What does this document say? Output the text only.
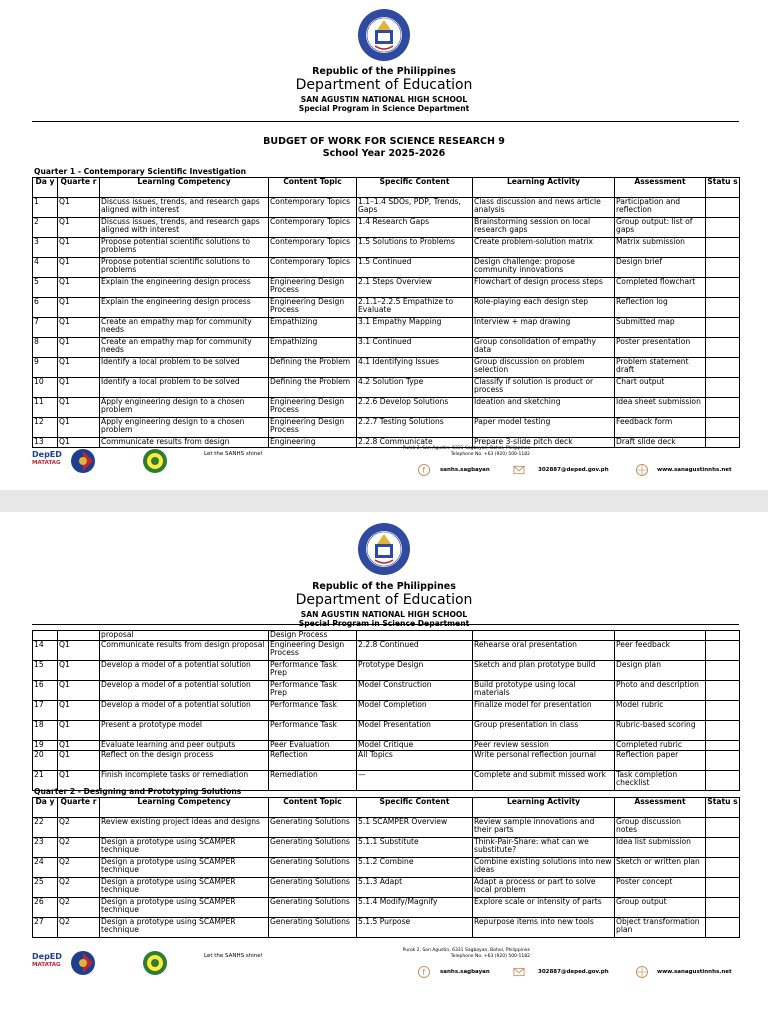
Republic of the Philippines
Department of Education
SAN AGUSTIN NATIONAL HIGH SCHOOL
Special Program in Science Department
BUDGET OF WORK FOR SCIENCE RESEARCH 9
School Year 2025-2026
Quarter 1 - Contemporary Scientific Investigation
Da y	Quarte r	Learning Competency	Content Topic	Specific Content	Learning Activity	Assessment	Statu s
1	Q1	Discuss issues, trends, and research gaps aligned with interest	Contemporary Topics	1.1–1.4 SDOs, PDP, Trends, Gaps	Class discussion and news article analysis	Participation and reflection	
2	Q1	Discuss issues, trends, and research gaps aligned with interest	Contemporary Topics	1.4 Research Gaps	Brainstorming session on local research gaps	Group output: list of gaps	
3	Q1	Propose potential scientific solutions to problems	Contemporary Topics	1.5 Solutions to Problems	Create problem-solution matrix	Matrix submission	
4	Q1	Propose potential scientific solutions to problems	Contemporary Topics	1.5 Continued	Design challenge: propose community innovations	Design brief	
5	Q1	Explain the engineering design process	Engineering Design Process	2.1 Steps Overview	Flowchart of design process steps	Completed flowchart	
6	Q1	Explain the engineering design process	Engineering Design Process	2.1.1–2.2.5 Empathize to Evaluate	Role-playing each design step	Reflection log	
7	Q1	Create an empathy map for community needs	Empathizing	3.1 Empathy Mapping	Interview + map drawing	Submitted map	
8	Q1	Create an empathy map for community needs	Empathizing	3.1 Continued	Group consolidation of empathy data	Poster presentation	
9	Q1	Identify a local problem to be solved	Defining the Problem	4.1 Identifying Issues	Group discussion on problem selection	Problem statement draft	
10	Q1	Identify a local problem to be solved	Defining the Problem	4.2 Solution Type	Classify if solution is product or process	Chart output	
11	Q1	Apply engineering design to a chosen problem	Engineering Design Process	2.2.6 Develop Solutions	Ideation and sketching	Idea sheet submission	
12	Q1	Apply engineering design to a chosen problem	Engineering Design Process	2.2.7 Testing Solutions	Paper model testing	Feedback form	
13	Q1	Communicate results from design	Engineering	2.2.8 Communicate	Prepare 3-slide pitch deck	Draft slide deck	
DepED
MATATAG
Let the SANHS shine!
Purok 2, San Agustin, 6331 Sagbayan, Bohol, Philippines
Telephone No. +63 (920) 500-1182
sanhs.sagbayan	302887@deped.gov.ph	www.sanagustinnhs.net
Republic of the Philippines
Department of Education
SAN AGUSTIN NATIONAL HIGH SCHOOL
Special Program in Science Department
		proposal	Design Process				
14	Q1	Communicate results from design proposal	Engineering Design Process	2.2.8 Continued	Rehearse oral presentation	Peer feedback	
15	Q1	Develop a model of a potential solution	Performance Task Prep	Prototype Design	Sketch and plan prototype build	Design plan	
16	Q1	Develop a model of a potential solution	Performance Task Prep	Model Construction	Build prototype using local materials	Photo and description	
17	Q1	Develop a model of a potential solution	Performance Task	Model Completion	Finalize model for presentation	Model rubric	
18	Q1	Present a prototype model	Performance Task	Model Presentation	Group presentation in class	Rubric-based scoring	
19	Q1	Evaluate learning and peer outputs	Peer Evaluation	Model Critique	Peer review session	Completed rubric	
20	Q1	Reflect on the design process	Reflection	All Topics	Write personal reflection journal	Reflection paper	
21	Q1	Finish incomplete tasks or remediation	Remediation	—	Complete and submit missed work	Task completion checklist	
Quarter 2 - Designing and Prototyping Solutions
Da y	Quarte r	Learning Competency	Content Topic	Specific Content	Learning Activity	Assessment	Statu s
22	Q2	Review existing project ideas and designs	Generating Solutions	5.1 SCAMPER Overview	Review sample innovations and their parts	Group discussion notes	
23	Q2	Design a prototype using SCAMPER technique	Generating Solutions	5.1.1 Substitute	Think-Pair-Share: what can we substitute?	Idea list submission	
24	Q2	Design a prototype using SCAMPER technique	Generating Solutions	5.1.2 Combine	Combine existing solutions into new ideas	Sketch or written plan	
25	Q2	Design a prototype using SCAMPER technique	Generating Solutions	5.1.3 Adapt	Adapt a process or part to solve local problem	Poster concept	
26	Q2	Design a prototype using SCAMPER technique	Generating Solutions	5.1.4 Modify/Magnify	Explore scale or intensity of parts	Group output	
27	Q2	Design a prototype using SCAMPER technique	Generating Solutions	5.1.5 Purpose	Repurpose items into new tools	Object transformation plan	
DepED
MATATAG
Let the SANHS shine!
Purok 2, San Agustin, 6331 Sagbayan, Bohol, Philippines
Telephone No. +63 (920) 500-1182
sanhs.sagbayan	302887@deped.gov.ph	www.sanagustinnhs.net
